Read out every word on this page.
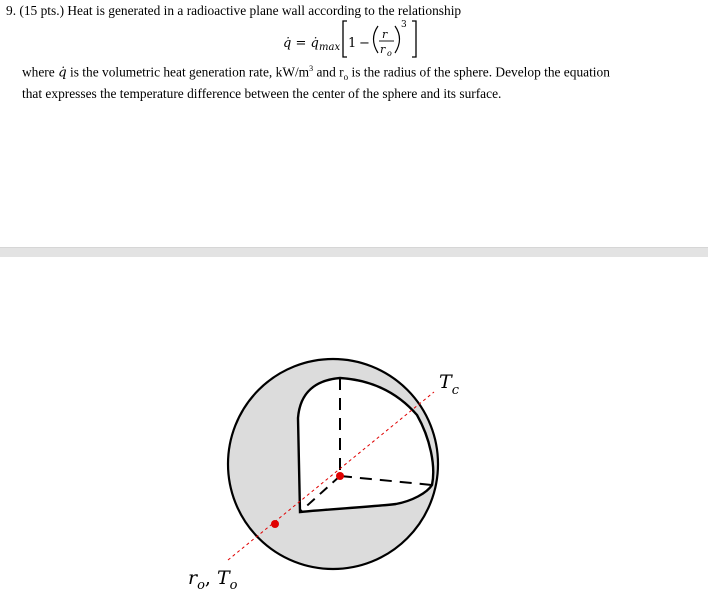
9. (15 pts.) Heat is generated in a radioactive plane wall according to the relationship
q̇ = q̇ max 1 −
r
r o
3
where q̇ is the volumetric heat generation rate, $kW/m^3$ and $r_o$ is the radius of the sphere. Develop the equation
that expresses the temperature difference between the center of the sphere and its surface.
$T_c$
$r_o$, $T_o$
